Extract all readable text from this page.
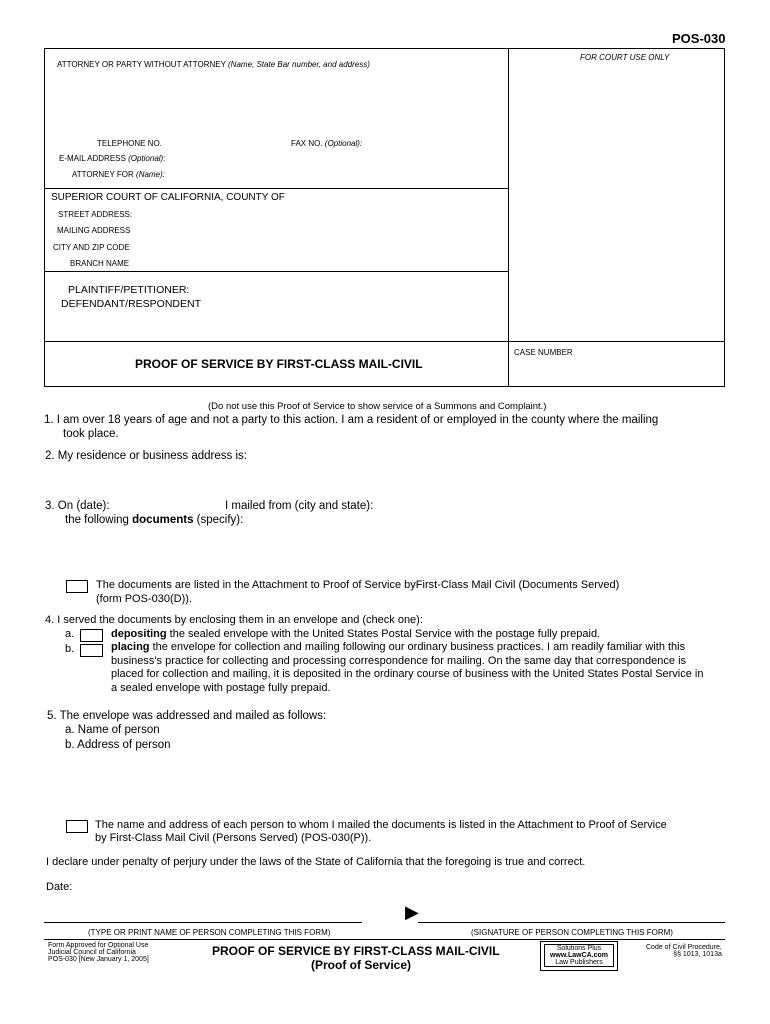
POS-030
ATTORNEY OR PARTY WITHOUT ATTORNEY (Name, State Bar number, and address)
FOR COURT USE ONLY
TELEPHONE NO.	FAX NO. (Optional):
E-MAIL ADDRESS (Optional):
ATTORNEY FOR (Name):
SUPERIOR COURT OF CALIFORNIA, COUNTY OF
STREET ADDRESS:
MAILING ADDRESS
CITY AND ZIP CODE
BRANCH NAME
PLAINTIFF/PETITIONER:
DEFENDANT/RESPONDENT
PROOF OF SERVICE BY FIRST-CLASS MAIL-CIVIL
CASE NUMBER
(Do not use this Proof of Service to show service of a Summons and Complaint.)
1. I am over 18 years of age and not a party to this action. I am a resident of or employed in the county where the mailing
took place.
2. My residence or business address is:
3. On (date):	I mailed from (city and state):
the following documents (specify):
The documents are listed in the Attachment to Proof of Service byFirst-Class Mail Civil (Documents Served)
(form POS-030(D)).
4. I served the documents by enclosing them in an envelope and (check one):
a.	depositing the sealed envelope with the United States Postal Service with the postage fully prepaid.
b.	placing the envelope for collection and mailing following our ordinary business practices. I am readily familiar with this
business's practice for collecting and processing correspondence for mailing. On the same day that correspondence is
placed for collection and mailing, it is deposited in the ordinary course of business with the United States Postal Service in
a sealed envelope with postage fully prepaid.
5. The envelope was addressed and mailed as follows:
a. Name of person
b. Address of person
The name and address of each person to whom I mailed the documents is listed in the Attachment to Proof of Service
by First-Class Mail Civil (Persons Served) (POS-030(P)).
I declare under penalty of perjury under the laws of the State of California that the foregoing is true and correct.
Date:
▶
(TYPE OR PRINT NAME OF PERSON COMPLETING THIS FORM)	(SIGNATURE OF PERSON COMPLETING THIS FORM)
Form Approved for Optional Use
Judicial Council of California
POS-030 [New January 1, 2005]
PROOF OF SERVICE BY FIRST-CLASS MAIL-CIVIL
(Proof of Service)
Solutions Plus
www.LawCA.com
Law Publishers
Code of Civil Procedure,
§§ 1013, 1013a
